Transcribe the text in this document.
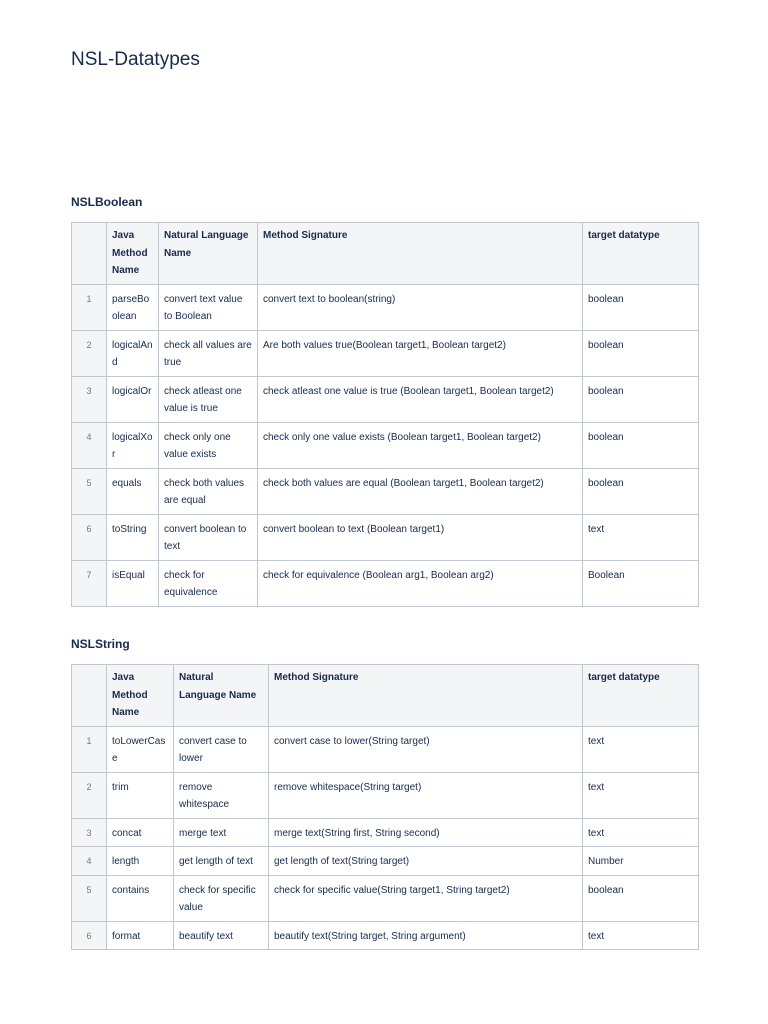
NSL-Datatypes
NSLBoolean
	Java Method Name	Natural Language Name	Method Signature	target datatype
1	parseBoolean	convert text value to Boolean	convert text to boolean(string)	boolean
2	logicalAnd	check all values are true	Are both values true(Boolean target1, Boolean target2)	boolean
3	logicalOr	check atleast one value is true	check atleast one value is true (Boolean target1, Boolean target2)	boolean
4	logicalXor	check only one value exists	check only one value exists (Boolean target1, Boolean target2)	boolean
5	equals	check both values are equal	check both values are equal (Boolean target1, Boolean target2)	boolean
6	toString	convert boolean to text	convert boolean to text (Boolean target1)	text
7	isEqual	check for equivalence	check for equivalence (Boolean arg1, Boolean arg2)	Boolean
NSLString
	Java Method Name	Natural Language Name	Method Signature	target datatype
1	toLowerCase	convert case to lower	convert case to lower(String target)	text
2	trim	remove whitespace	remove whitespace(String target)	text
3	concat	merge text	merge text(String first, String second)	text
4	length	get length of text	get length of text(String target)	Number
5	contains	check for specific value	check for specific value(String target1, String target2)	boolean
6	format	beautify text	beautify text(String target, String argument)	text
